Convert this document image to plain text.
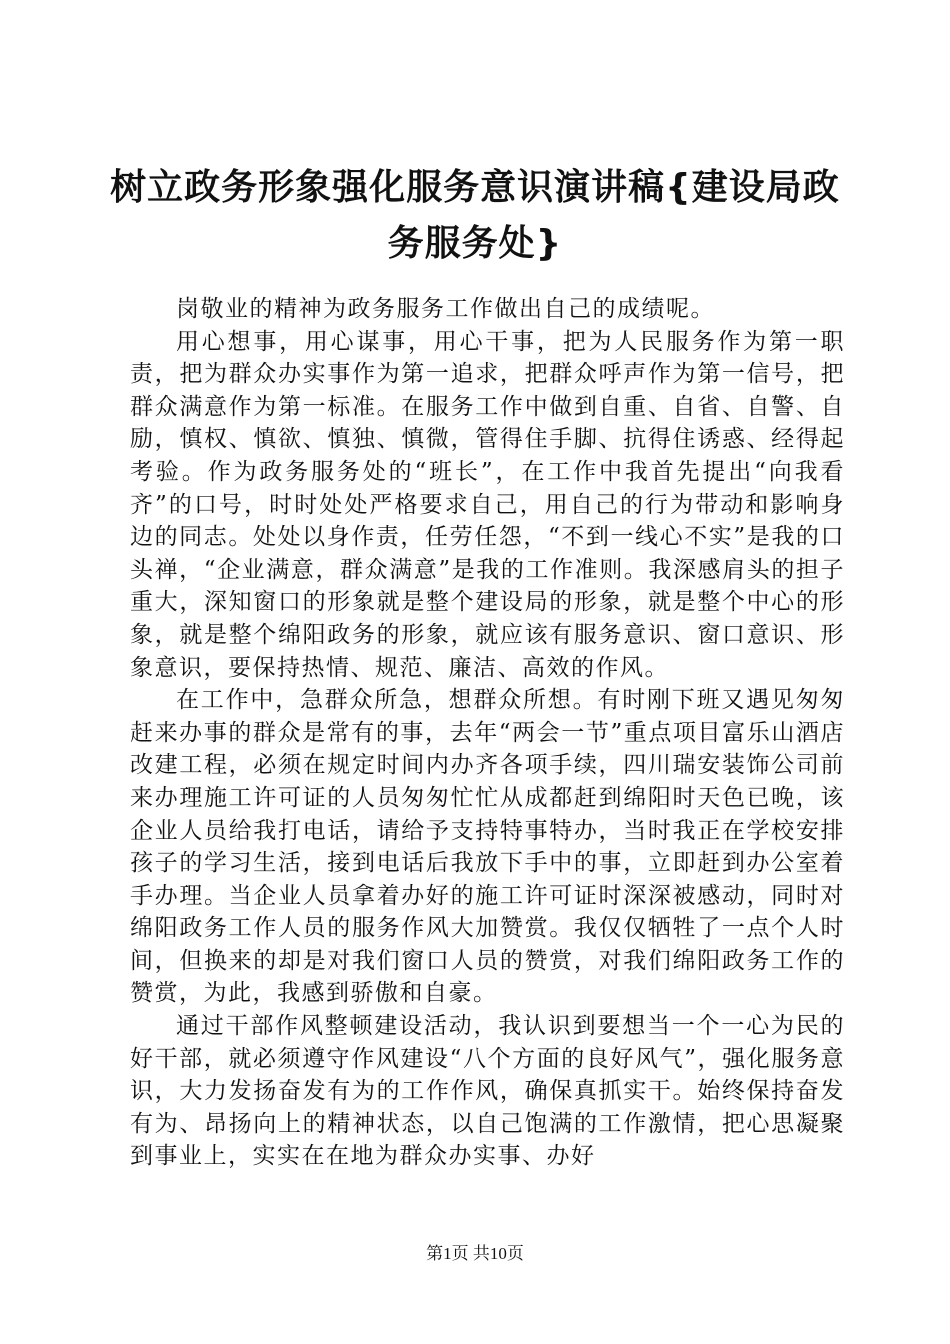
树立政务形象强化服务意识演讲稿{建设局政
务服务处}

岗敬业的精神为政务服务工作做出自己的成绩呢。

用心想事，用心谋事，用心干事，把为人民服务作为第一职责，把为群众办实事作为第一追求，把群众呼声作为第一信号，把群众满意作为第一标准。在服务工作中做到自重、自省、自警、自励，慎权、慎欲、慎独、慎微，管得住手脚、抗得住诱惑、经得起考验。作为政务服务处的“班长”，在工作中我首先提出“向我看齐”的口号，时时处处严格要求自己，用自己的行为带动和影响身边的同志。处处以身作责，任劳任怨，“不到一线心不实”是我的口头禅，“企业满意，群众满意”是我的工作准则。我深感肩头的担子重大，深知窗口的形象就是整个建设局的形象，就是整个中心的形象，就是整个绵阳政务的形象，就应该有服务意识、窗口意识、形象意识，要保持热情、规范、廉洁、高效的作风。

在工作中，急群众所急，想群众所想。有时刚下班又遇见匆匆赶来办事的群众是常有的事，去年“两会一节”重点项目富乐山酒店改建工程，必须在规定时间内办齐各项手续，四川瑞安装饰公司前来办理施工许可证的人员匆匆忙忙从成都赶到绵阳时天色已晚，该企业人员给我打电话，请给予支持特事特办，当时我正在学校安排孩子的学习生活，接到电话后我放下手中的事，立即赶到办公室着手办理。当企业人员拿着办好的施工许可证时深深被感动，同时对绵阳政务工作人员的服务作风大加赞赏。我仅仅牺牲了一点个人时间，但换来的却是对我们窗口人员的赞赏，对我们绵阳政务工作的赞赏，为此，我感到骄傲和自豪。

通过干部作风整顿建设活动，我认识到要想当一个一心为民的好干部，就必须遵守作风建设“八个方面的良好风气”，强化服务意识，大力发扬奋发有为的工作作风，确保真抓实干。始终保持奋发有为、昂扬向上的精神状态，以自己饱满的工作激情，把心思凝聚到事业上，实实在在地为群众办实事、办好

第1页 共10页
